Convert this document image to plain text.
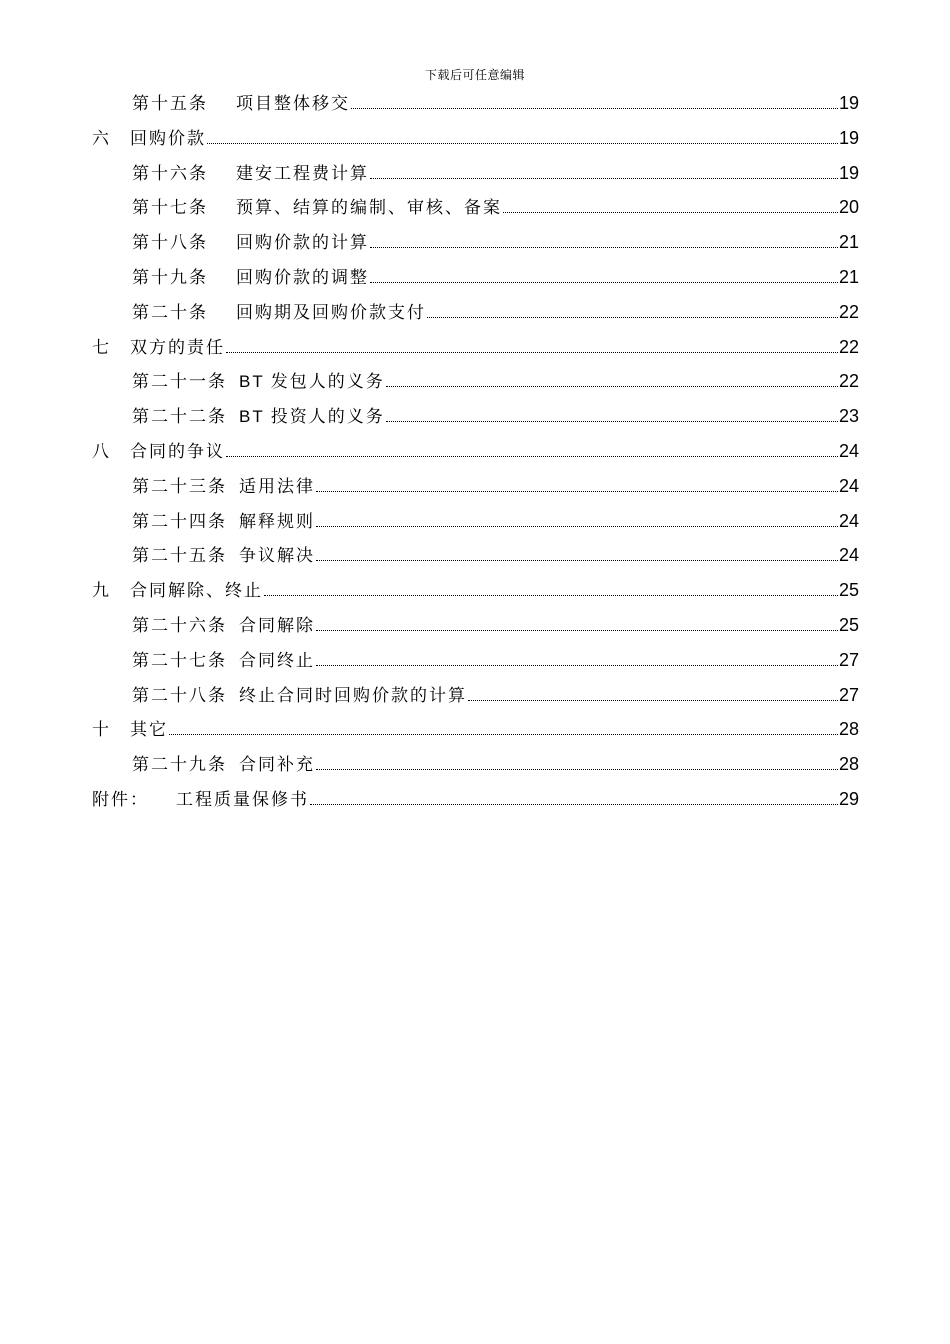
下载后可任意编辑
第十五条	项目整体移交	19
六	回购价款	19
第十六条	建安工程费计算	19
第十七条	预算、结算的编制、审核、备案	20
第十八条	回购价款的计算	21
第十九条	回购价款的调整	21
第二十条	回购期及回购价款支付	22
七	双方的责任	22
第二十一条 BT 发包人的义务	22
第二十二条 BT 投资人的义务	23
八	合同的争议	24
第二十三条 适用法律	24
第二十四条 解释规则	24
第二十五条 争议解决	24
九	合同解除、终止	25
第二十六条 合同解除	25
第二十七条 合同终止	27
第二十八条 终止合同时回购价款的计算	27
十	其它	28
第二十九条 合同补充	28
附件：	工程质量保修书	29
